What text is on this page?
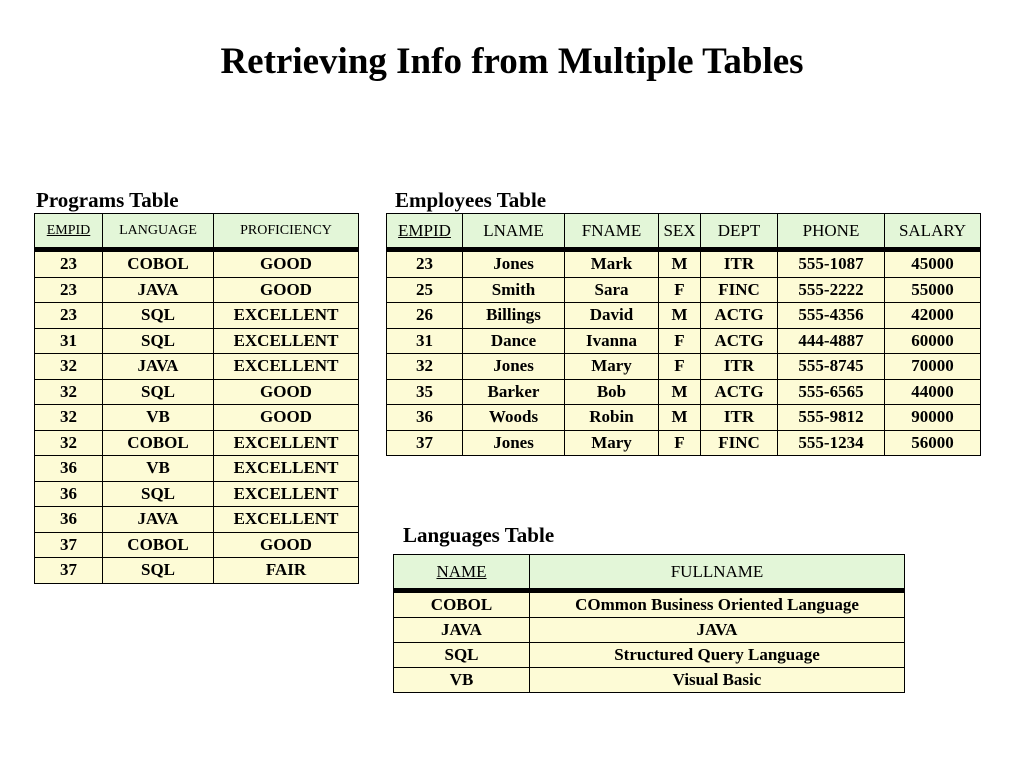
Retrieving Info from Multiple Tables
Programs Table	Employees Table
Languages Table
EMPID	LANGUAGE	PROFICIENCY
23	COBOL	GOOD
23	JAVA	GOOD
23	SQL	EXCELLENT
31	SQL	EXCELLENT
32	JAVA	EXCELLENT
32	SQL	GOOD
32	VB	GOOD
32	COBOL	EXCELLENT
36	VB	EXCELLENT
36	SQL	EXCELLENT
36	JAVA	EXCELLENT
37	COBOL	GOOD
37	SQL	FAIR
EMPID	LNAME	FNAME	SEX	DEPT	PHONE	SALARY
23	Jones	Mark	M	ITR	555-1087	45000
25	Smith	Sara	F	FINC	555-2222	55000
26	Billings	David	M	ACTG	555-4356	42000
31	Dance	Ivanna	F	ACTG	444-4887	60000
32	Jones	Mary	F	ITR	555-8745	70000
35	Barker	Bob	M	ACTG	555-6565	44000
36	Woods	Robin	M	ITR	555-9812	90000
37	Jones	Mary	F	FINC	555-1234	56000
NAME	FULLNAME
COBOL	COmmon Business Oriented Language
JAVA	JAVA
SQL	Structured Query Language
VB	Visual Basic
